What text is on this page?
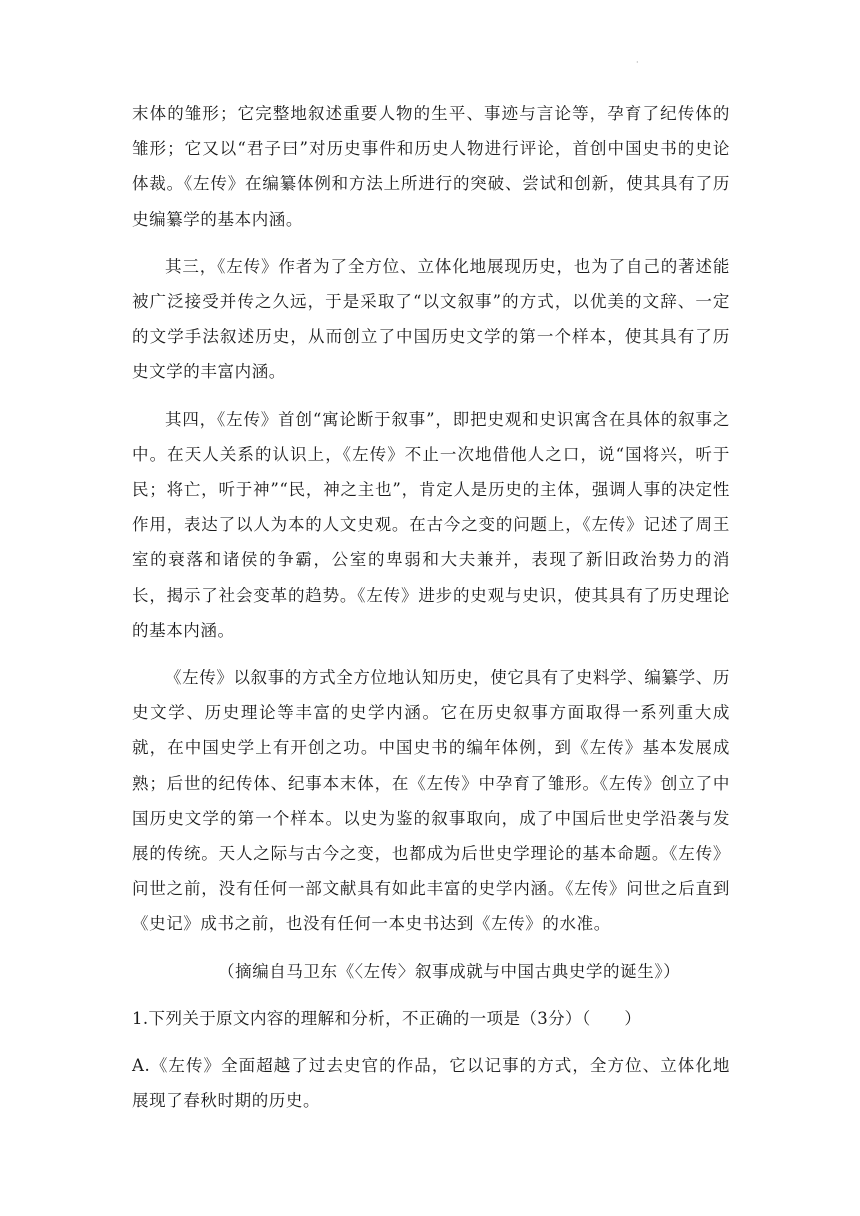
·

末体的雏形；它完整地叙述重要人物的生平、事迹与言论等，孕育了纪传体的雏形；它又以“君子曰”对历史事件和历史人物进行评论，首创中国史书的史论体裁。《左传》在编纂体例和方法上所进行的突破、尝试和创新，使其具有了历史编纂学的基本内涵。

其三，《左传》作者为了全方位、立体化地展现历史，也为了自己的著述能被广泛接受并传之久远，于是采取了“以文叙事”的方式，以优美的文辞、一定的文学手法叙述历史，从而创立了中国历史文学的第一个样本，使其具有了历史文学的丰富内涵。

其四，《左传》首创“寓论断于叙事”，即把史观和史识寓含在具体的叙事之中。在天人关系的认识上，《左传》不止一次地借他人之口，说“国将兴，听于民；将亡，听于神”“民，神之主也”，肯定人是历史的主体，强调人事的决定性作用，表达了以人为本的人文史观。在古今之变的问题上，《左传》记述了周王室的衰落和诸侯的争霸，公室的卑弱和大夫兼并，表现了新旧政治势力的消长，揭示了社会变革的趋势。《左传》进步的史观与史识，使其具有了历史理论的基本内涵。

《左传》以叙事的方式全方位地认知历史，使它具有了史料学、编纂学、历史文学、历史理论等丰富的史学内涵。它在历史叙事方面取得一系列重大成就，在中国史学上有开创之功。中国史书的编年体例，到《左传》基本发展成熟；后世的纪传体、纪事本末体，在《左传》中孕育了雏形。《左传》创立了中国历史文学的第一个样本。以史为鉴的叙事取向，成了中国后世史学沿袭与发展的传统。天人之际与古今之变，也都成为后世史学理论的基本命题。《左传》问世之前，没有任何一部文献具有如此丰富的史学内涵。《左传》问世之后直到《史记》成书之前，也没有任何一本史书达到《左传》的水准。

（摘编自马卫东《〈左传〉叙事成就与中国古典史学的诞生》）

1.下列关于原文内容的理解和分析，不正确的一项是（3分）（　　）

A.《左传》全面超越了过去史官的作品，它以记事的方式，全方位、立体化地展现了春秋时期的历史。
